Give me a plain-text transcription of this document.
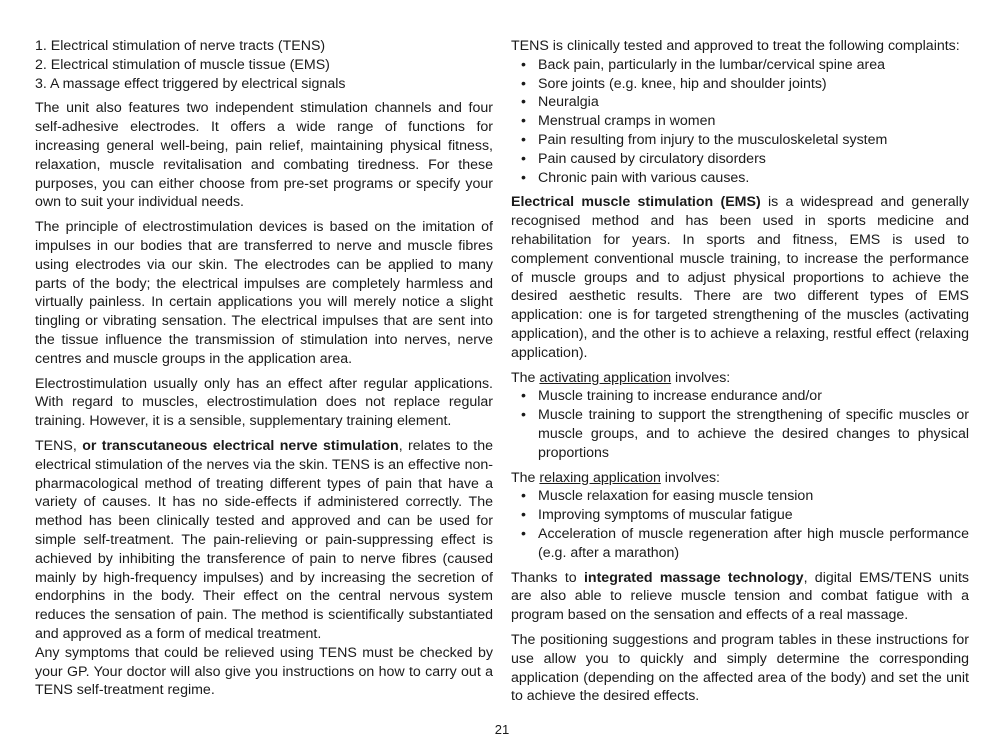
1. Electrical stimulation of nerve tracts (TENS)
2. Electrical stimulation of muscle tissue (EMS)
3. A massage effect triggered by electrical signals

The unit also features two independent stimulation channels and four self-adhesive electrodes. It offers a wide range of functions for increasing general well-being, pain relief, maintaining physical fitness, relaxation, muscle revitalisation and combating tiredness. For these purposes, you can either choose from pre-set programs or specify your own to suit your individual needs.

The principle of electrostimulation devices is based on the imitation of impulses in our bodies that are transferred to nerve and muscle fibres using electrodes via our skin. The electrodes can be applied to many parts of the body; the electrical impulses are completely harmless and virtually painless. In certain applications you will merely notice a slight tingling or vibrating sensation. The electrical impulses that are sent into the tissue influence the transmission of stimulation into nerves, nerve centres and muscle groups in the application area.

Electrostimulation usually only has an effect after regular applications. With regard to muscles, electrostimulation does not replace regular training. However, it is a sensible, supplementary training element.

TENS, or transcutaneous electrical nerve stimulation, relates to the electrical stimulation of the nerves via the skin. TENS is an effective non-pharmacological method of treating different types of pain that have a variety of causes. It has no side-effects if administered correctly. The method has been clinically tested and approved and can be used for simple self-treatment. The pain-relieving or pain-suppressing effect is achieved by inhibiting the transference of pain to nerve fibres (caused mainly by high-frequency impulses) and by increasing the secretion of endorphins in the body. Their effect on the central nervous system reduces the sensation of pain. The method is scientifically substantiated and approved as a form of medical treatment.

Any symptoms that could be relieved using TENS must be checked by your GP. Your doctor will also give you instructions on how to carry out a TENS self-treatment regime.

TENS is clinically tested and approved to treat the following complaints:

• Back pain, particularly in the lumbar/cervical spine area
• Sore joints (e.g. knee, hip and shoulder joints)
• Neuralgia
• Menstrual cramps in women
• Pain resulting from injury to the musculoskeletal system
• Pain caused by circulatory disorders
• Chronic pain with various causes.

Electrical muscle stimulation (EMS) is a widespread and generally recognised method and has been used in sports medicine and rehabilitation for years. In sports and fitness, EMS is used to complement conventional muscle training, to increase the performance of muscle groups and to adjust physical proportions to achieve the desired aesthetic results. There are two different types of EMS application: one is for targeted strengthening of the muscles (activating application), and the other is to achieve a relaxing, restful effect (relaxing application).

The activating application involves:

• Muscle training to increase endurance and/or
• Muscle training to support the strengthening of specific muscles or muscle groups, and to achieve the desired changes to physical proportions

The relaxing application involves:

• Muscle relaxation for easing muscle tension
• Improving symptoms of muscular fatigue
• Acceleration of muscle regeneration after high muscle performance (e.g. after a marathon)

Thanks to integrated massage technology, digital EMS/TENS units are also able to relieve muscle tension and combat fatigue with a program based on the sensation and effects of a real massage.

The positioning suggestions and program tables in these instructions for use allow you to quickly and simply determine the corresponding application (depending on the affected area of the body) and set the unit to achieve the desired effects.

21
